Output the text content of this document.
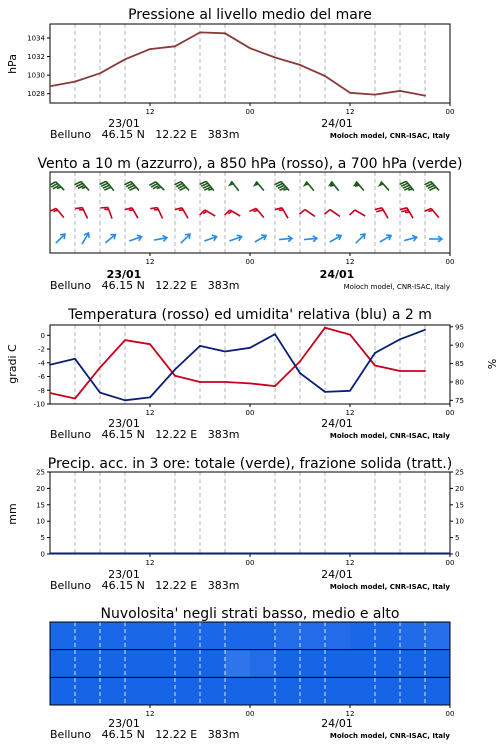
Pressione al livello medio del mare
hPa
12	00	12	00
1028
1030
1032
1034
23/01	24/01
Belluno   46.15 N   12.22 E   383m	Moloch model, CNR-ISAC, Italy
Vento a 10 m (azzurro), a 850 hPa (rosso), a 700 hPa (verde)
12	00	12	00
23/01	24/01
Belluno   46.15 N   12.22 E   383m	Moloch model, CNR-ISAC, Italy
Temperatura (rosso) ed umidita' relativa (blu) a 2 m
gradi C	%
12	00	12	00
0
-2
-4
-6
-8
-10
95
90
85
80
75
23/01	24/01
Belluno   46.15 N   12.22 E   383m	Moloch model, CNR-ISAC, Italy
Precip. acc. in 3 ore: totale (verde), frazione solida (tratt.)
mm
12	00	12	00
0
5
10
15
20
25
0
5
10
15
20
25
23/01	24/01
Belluno   46.15 N   12.22 E   383m	Moloch model, CNR-ISAC, Italy
Nuvolosita' negli strati basso, medio e alto
12	00	12	00
23/01	24/01
Belluno   46.15 N   12.22 E   383m	Moloch model, CNR-ISAC, Italy
